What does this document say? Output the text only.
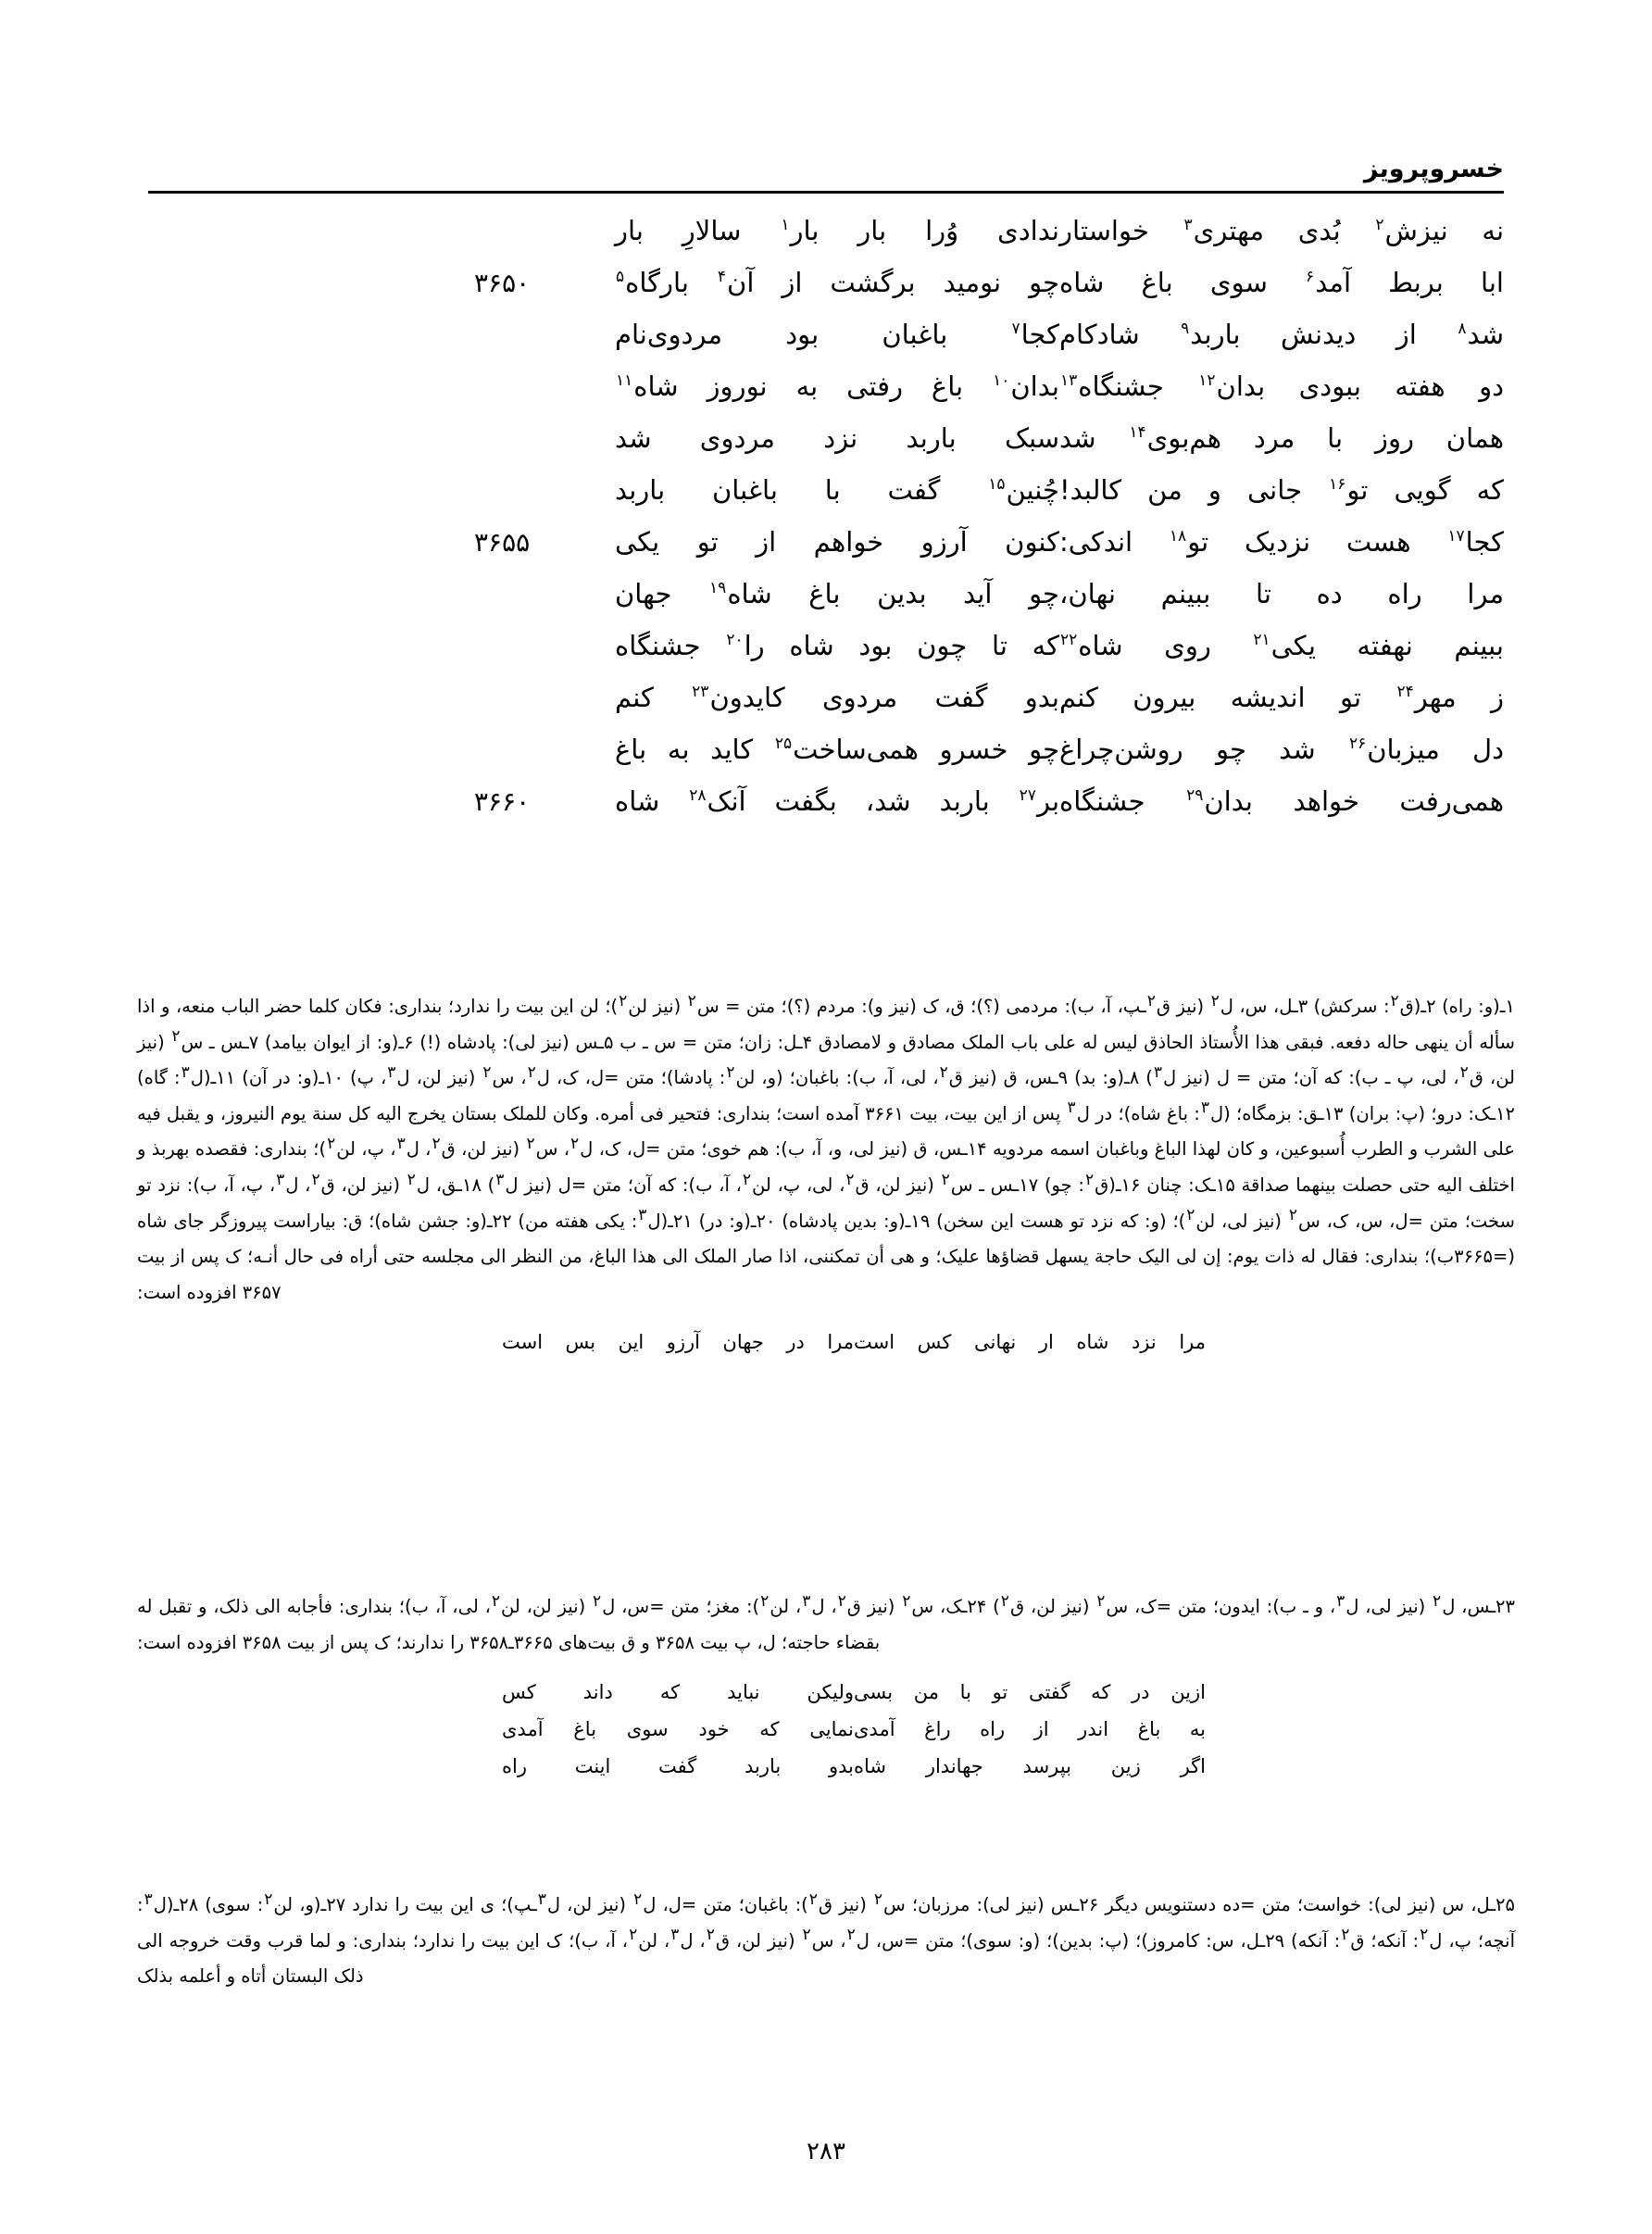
خسروپرویز
نه نیزش$^۲$ بُدی مهتری$^۳$ خواستار
ندادی وُرا بار بار$^۱$ سالارِ بار
ابا بربط آمد$^۶$ سوی باغ شاه
چو نومید برگشت از آن$^۴$ بارگاه$^۵$
۳۶۵۰
شد$^۸$ از دیدنش باربد$^۹$ شادکام
کجا$^۷$ باغبان بود مردوی‌نام
دو هفته ببودی بدان$^{۱۲}$ جشنگاه$^{۱۳}$
بدان$^{۱۰}$ باغ رفتی به نوروز شاه$^{۱۱}$
همان روز با مرد هم‌بوی$^{۱۴}$ شد
سبک باربد نزد مردوی شد
که گویی تو$^{۱۶}$ جانی و من کالبد!
چُنین$^{۱۵}$ گفت با باغبان باربد
کجا$^{۱۷}$ هست نزدیک تو$^{۱۸}$ اندکی:
کنون آرزو خواهم از تو یکی
۳۶۵۵
مرا راه ده تا ببینم نهان،
چو آید بدین باغ شاه$^{۱۹}$ جهان
ببینم نهفته یکی$^{۲۱}$ روی شاه$^{۲۲}$
که تا چون بود شاه را$^{۲۰}$ جشنگاه
ز مهر$^{۲۴}$ تو اندیشه بیرون کنم
بدو گفت مردوی کایدون$^{۲۳}$ کنم
دل میزبان$^{۲۶}$ شد چو روشن‌چراغ
چو خسرو همی‌ساخت$^{۲۵}$ کاید به باغ
همی‌رفت خواهد بدان$^{۲۹}$ جشنگاه
بر$^{۲۷}$ باربد شد، بگفت آنک$^{۲۸}$ شاه
۳۶۶۰

۱ـ(و: راه) ۲ـ(ق$^۲$: سرکش) ۳ـل، س، ل$^۲$ (نیز ق$^۲$ـپ، آ، ب): مردمی (؟)؛ ق، ک (نیز و): مردم (؟)؛ متن = س$^۲$ (نیز لن$^۲$)؛ لن این بیت را ندارد؛ بنداری: فکان کلما حضر الباب منعه، و اذا سأله أن ینهی حاله دفعه. فبقی هذا الأُستاذ الحاذق لیس له علی باب الملک مصادق و لامصادق ۴ـل: زان؛ متن = س ـ ب ۵ـس (نیز لی): پادشاه (!) ۶ـ(و: از ایوان بیامد) ۷ـس ـ س$^۲$ (نیز لن، ق$^۲$، لی، پ ـ ب): که آن؛ متن = ل (نیز ل$^۳$) ۸ـ(و: بد) ۹ـس، ق (نیز ق$^۲$، لی، آ، ب): باغبان؛ (و، لن$^۲$: پادشا)؛ متن =ل، ک، ل$^۲$، س$^۲$ (نیز لن، ل$^۳$، پ) ۱۰ـ(و: در آن) ۱۱ـ(ل$^۳$: گاه) ۱۲ـک: درو؛ (پ: بران) ۱۳ـق: بزمگاه؛ (ل$^۳$: باغ شاه)؛ در ل$^۳$ پس از این بیت، بیت ۳۶۶۱ آمده است؛ بنداری: فتحیر فی أمره. وکان للملک بستان یخرج الیه کل سنة یوم النیروز، و یقبل فیه علی الشرب و الطرب أُسبوعین، و کان لهذا الباغ وباغبان اسمه مردویه ۱۴ـس، ق (نیز لی، و، آ، ب): هم خوی؛ متن =ل، ک، ل$^۲$، س$^۲$ (نیز لن، ق$^۲$، ل$^۳$، پ، لن$^۲$)؛ بنداری: فقصده بهربذ و اختلف الیه حتی حصلت بینهما صداقة ۱۵ـک: چنان ۱۶ـ(ق$^۲$: چو) ۱۷ـس ـ س$^۲$ (نیز لن، ق$^۲$، لی، پ، لن$^۲$، آ، ب): که آن؛ متن =ل (نیز ل$^۳$) ۱۸ـق، ل$^۲$ (نیز لن، ق$^۲$، ل$^۳$، پ، آ، ب): نزد تو سخت؛ متن =ل، س، ک، س$^۲$ (نیز لی، لن$^۲$)؛ (و: که نزد تو هست این سخن) ۱۹ـ(و: بدین پادشاه) ۲۰ـ(و: در) ۲۱ـ(ل$^۳$: یکی هفته من) ۲۲ـ(و: جشن شاه)؛ ق: بیاراست پیروزگر جای شاه (=۳۶۶۵ب)؛ بنداری: فقال له ذات یوم: إن لی الیک حاجة یسهل قضاؤها علیک؛ و هی أن تمکننی، اذا صار الملک الی هذا الباغ، من النظر الی مجلسه حتی أراه فی حال أنـه؛ ک پس از بیت ۳۶۵۷ افزوده است:

مرا نزد شاه ار نهانی کس است
مرا در جهان آرزو این بس است

۲۳ـس، ل$^۲$ (نیز لی، ل$^۳$، و ـ ب): ایدون؛ متن =ک، س$^۲$ (نیز لن، ق$^۲$) ۲۴ـک، س$^۲$ (نیز ق$^۲$، ل$^۳$، لن$^۲$): مغز؛ متن =س، ل$^۲$ (نیز لن، لن$^۲$، لی، آ، ب)؛ بنداری: فأجابه الی ذلک، و تقبل له بقضاء حاجته؛ ل، پ بیت ۳۶۵۸ و ق بیت‌های ۳۶۶۵ـ۳۶۵۸ را ندارند؛ ک پس از بیت ۳۶۵۸ افزوده است:

ازین در که گفتی تو با من بسی
ولیکن نباید که داند کس
به باغ اندر از راه راغ آمدی
نمایی که خود سوی باغ آمدی
اگر زین بپرسد جهاندار شاه
بدو باربد گفت اینت راه

۲۵ـل، س (نیز لی): خواست؛ متن =ده دستنویس دیگر ۲۶ـس (نیز لی): مرزبان؛ س$^۲$ (نیز ق$^۲$): باغبان؛ متن =ل، ل$^۲$ (نیز لن، ل$^۳$ـپ)؛ ی این بیت را ندارد ۲۷ـ(و، لن$^۲$: سوی) ۲۸ـ(ل$^۳$: آنچه؛ پ، ل$^۲$: آنکه؛ ق$^۲$: آنکه) ۲۹ـل، س: کامروز)؛ (پ: بدین)؛ (و: سوی)؛ متن =س، ل$^۲$، س$^۲$ (نیز لن، ق$^۲$، ل$^۳$، لن$^۲$، آ، ب)؛ ک این بیت را ندارد؛ بنداری: و لما قرب وقت خروجه الی ذلک البستان أتاه و أعلمه بذلک

۲۸۳
